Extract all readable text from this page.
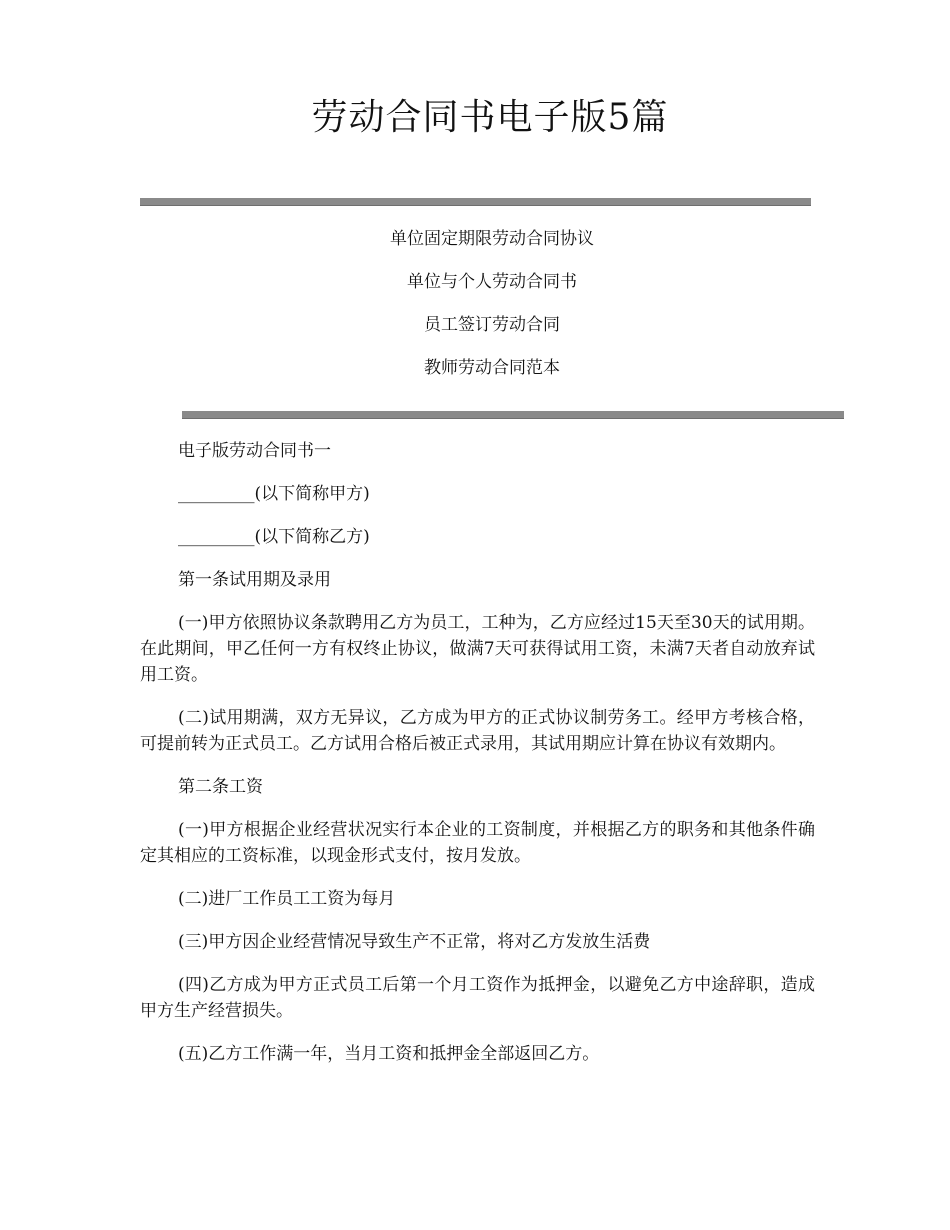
劳动合同书电子版5篇
单位固定期限劳动合同协议
单位与个人劳动合同书
员工签订劳动合同
教师劳动合同范本

电子版劳动合同书一

_________(以下简称甲方)

_________(以下简称乙方)

第一条试用期及录用

(一)甲方依照协议条款聘用乙方为员工，工种为，乙方应经过15天至30天的试用期。在此期间，甲乙任何一方有权终止协议，做满7天可获得试用工资，未满7天者自动放弃试用工资。

(二)试用期满，双方无异议，乙方成为甲方的正式协议制劳务工。经甲方考核合格，可提前转为正式员工。乙方试用合格后被正式录用，其试用期应计算在协议有效期内。

第二条工资

(一)甲方根据企业经营状况实行本企业的工资制度，并根据乙方的职务和其他条件确定其相应的工资标准，以现金形式支付，按月发放。

(二)进厂工作员工工资为每月

(三)甲方因企业经营情况导致生产不正常，将对乙方发放生活费

(四)乙方成为甲方正式员工后第一个月工资作为抵押金，以避免乙方中途辞职，造成甲方生产经营损失。

(五)乙方工作满一年，当月工资和抵押金全部返回乙方。
